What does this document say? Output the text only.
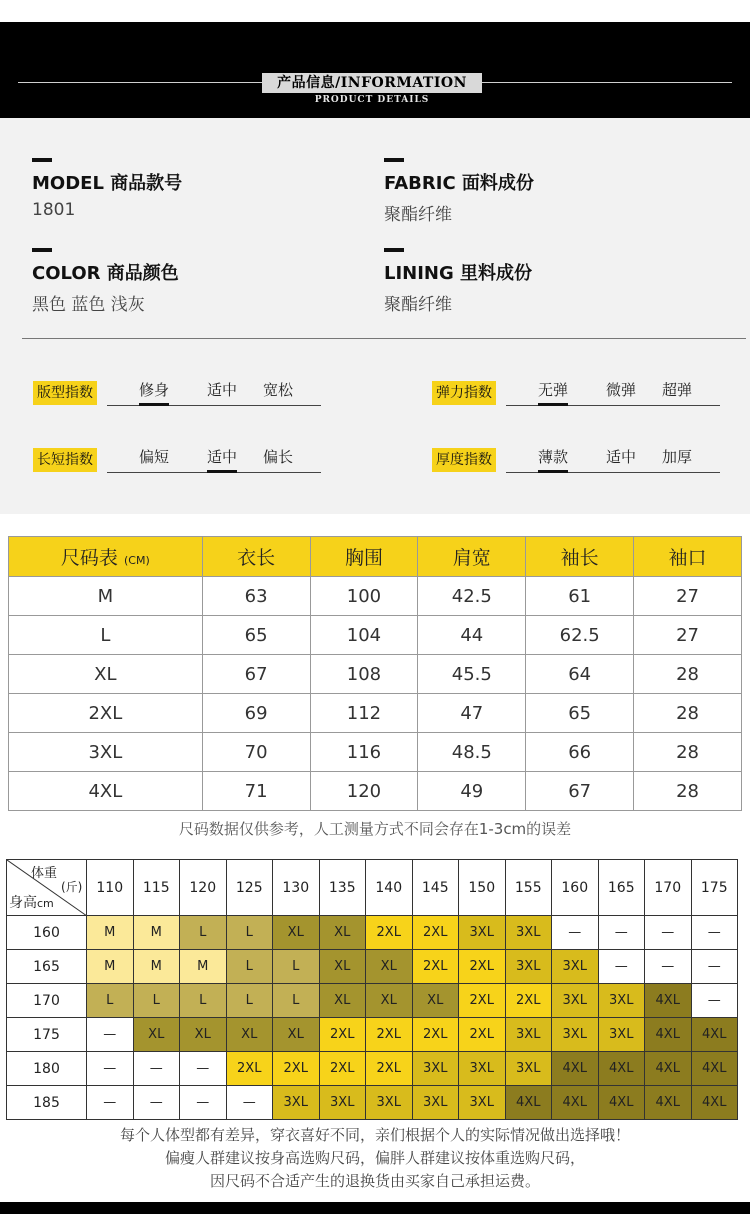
产品信息/INFORMATION
PRODUCT DETAILS
MODEL 商品款号
1801
FABRIC 面料成份
聚酯纤维
COLOR 商品颜色
黑色 蓝色 浅灰
LINING 里料成份
聚酯纤维
版型指数	修身	适中 宽松	弹力指数	无弹	微弹 超弹
长短指数	偏短	适中 偏长	厚度指数	薄款	适中 加厚
尺码表 (CM)	衣长	胸围	肩宽	袖长	袖口
M	63	100	42.5	61	27
L	65	104	44	62.5	27
XL	67	108	45.5	64	28
2XL	69	112	47	65	28
3XL	70	116	48.5	66	28
4XL	71	120	49	67	28
尺码数据仅供参考，人工测量方式不同会存在1-3cm的误差
体重
(斤)
身高cm	110	115	120	125	130	135	140	145	150	155	160	165	170	175
160	M	M	L	L	XL	XL	2XL	2XL	3XL	3XL	—	—	—	—
165	M	M	M	L	L	XL	XL	2XL	2XL	3XL	3XL	—	—	—
170	L	L	L	L	L	XL	XL	XL	2XL	2XL	3XL	3XL	4XL	—
175	—	XL	XL	XL	XL	2XL	2XL	2XL	2XL	3XL	3XL	3XL	4XL	4XL
180	—	—	—	2XL	2XL	2XL	2XL	3XL	3XL	3XL	4XL	4XL	4XL	4XL
185	—	—	—	—	3XL	3XL	3XL	3XL	3XL	4XL	4XL	4XL	4XL	4XL
每个人体型都有差异，穿衣喜好不同，亲们根据个人的实际情况做出选择哦！
偏瘦人群建议按身高选购尺码，偏胖人群建议按体重选购尺码，
因尺码不合适产生的退换货由买家自己承担运费。
